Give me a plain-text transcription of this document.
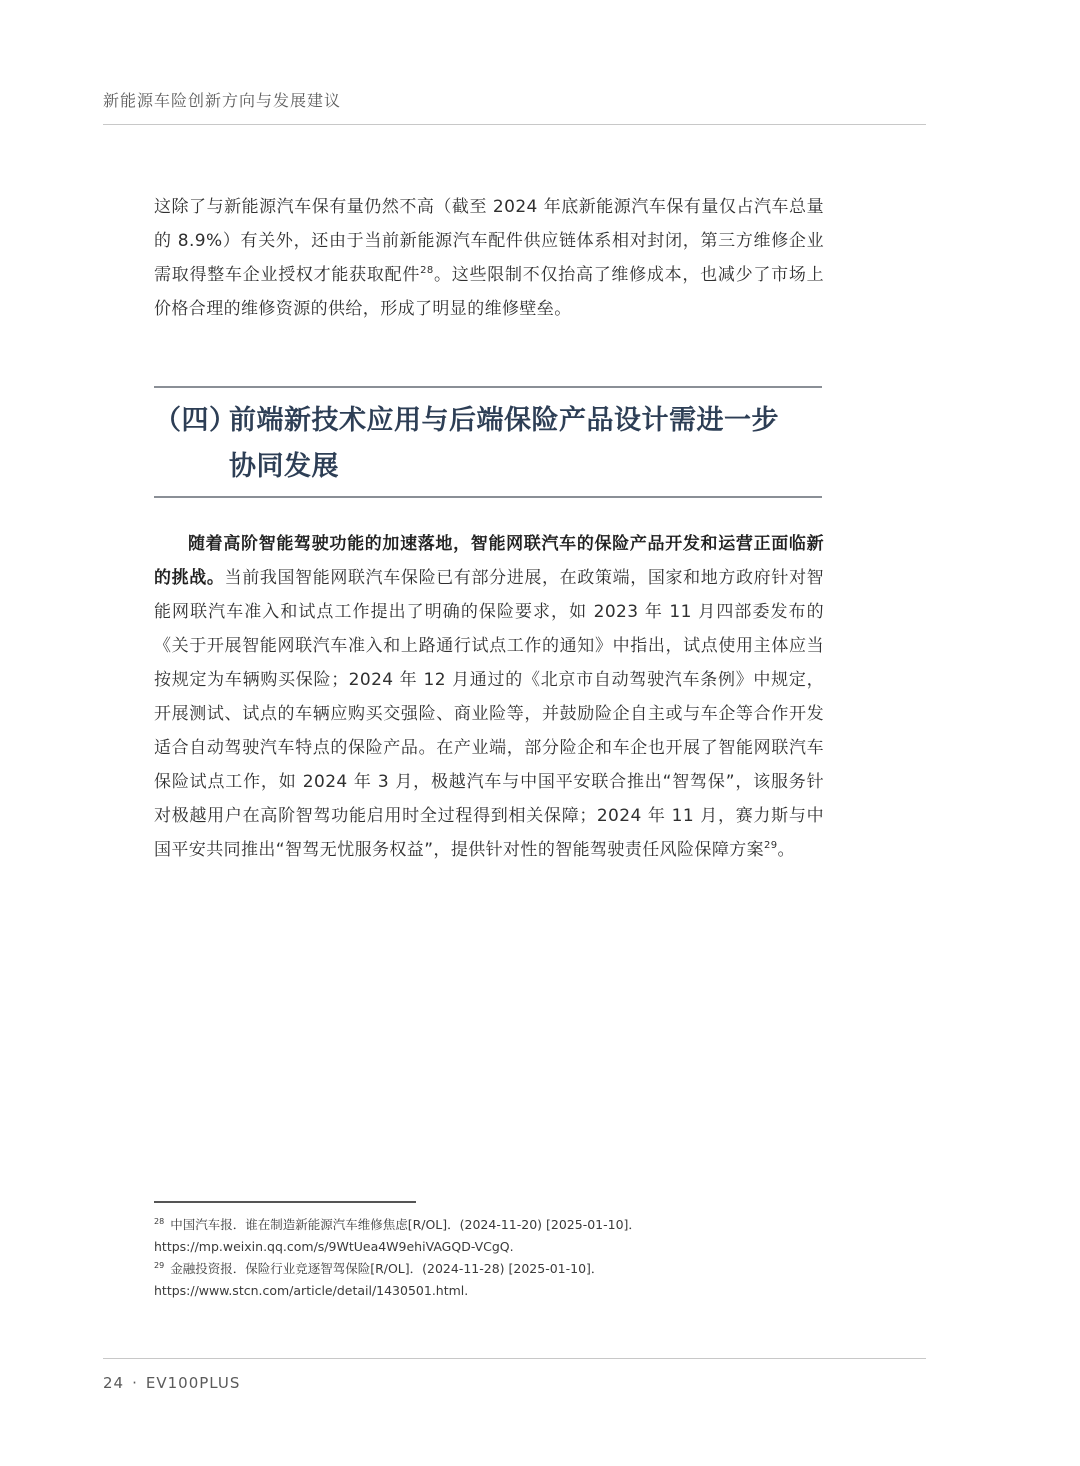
新能源车险创新方向与发展建议

这除了与新能源汽车保有量仍然不高（截至 2024 年底新能源汽车保有量仅占汽车总量的 8.9%）有关外，还由于当前新能源汽车配件供应链体系相对封闭，第三方维修企业需取得整车企业授权才能获取配件$^{28}$。这些限制不仅抬高了维修成本，也减少了市场上价格合理的维修资源的供给，形成了明显的维修壁垒。

（四）前端新技术应用与后端保险产品设计需进一步
协同发展

随着高阶智能驾驶功能的加速落地，智能网联汽车的保险产品开发和运营正面临新的挑战。当前我国智能网联汽车保险已有部分进展，在政策端，国家和地方政府针对智能网联汽车准入和试点工作提出了明确的保险要求，如 2023 年 11 月四部委发布的《关于开展智能网联汽车准入和上路通行试点工作的通知》中指出，试点使用主体应当按规定为车辆购买保险；2024 年 12 月通过的《北京市自动驾驶汽车条例》中规定，开展测试、试点的车辆应购买交强险、商业险等，并鼓励险企自主或与车企等合作开发适合自动驾驶汽车特点的保险产品。在产业端，部分险企和车企也开展了智能网联汽车保险试点工作，如 2024 年 3 月，极越汽车与中国平安联合推出“智驾保”，该服务针对极越用户在高阶智驾功能启用时全过程得到相关保障；2024 年 11 月，赛力斯与中国平安共同推出“智驾无忧服务权益”，提供针对性的智能驾驶责任风险保障方案$^{29}$。

$^{28}$ 中国汽车报．谁在制造新能源汽车维修焦虑[R/OL]．(2024-11-20) [2025-01-10]．https://mp.weixin.qq.com/s/9WtUea4W9ehiVAGQD-VCgQ.

$^{29}$ 金融投资报．保险行业竞逐智驾保险[R/OL]．(2024-11-28) [2025-01-10]．https://www.stcn.com/article/detail/1430501.html.

24 · EV100PLUS
